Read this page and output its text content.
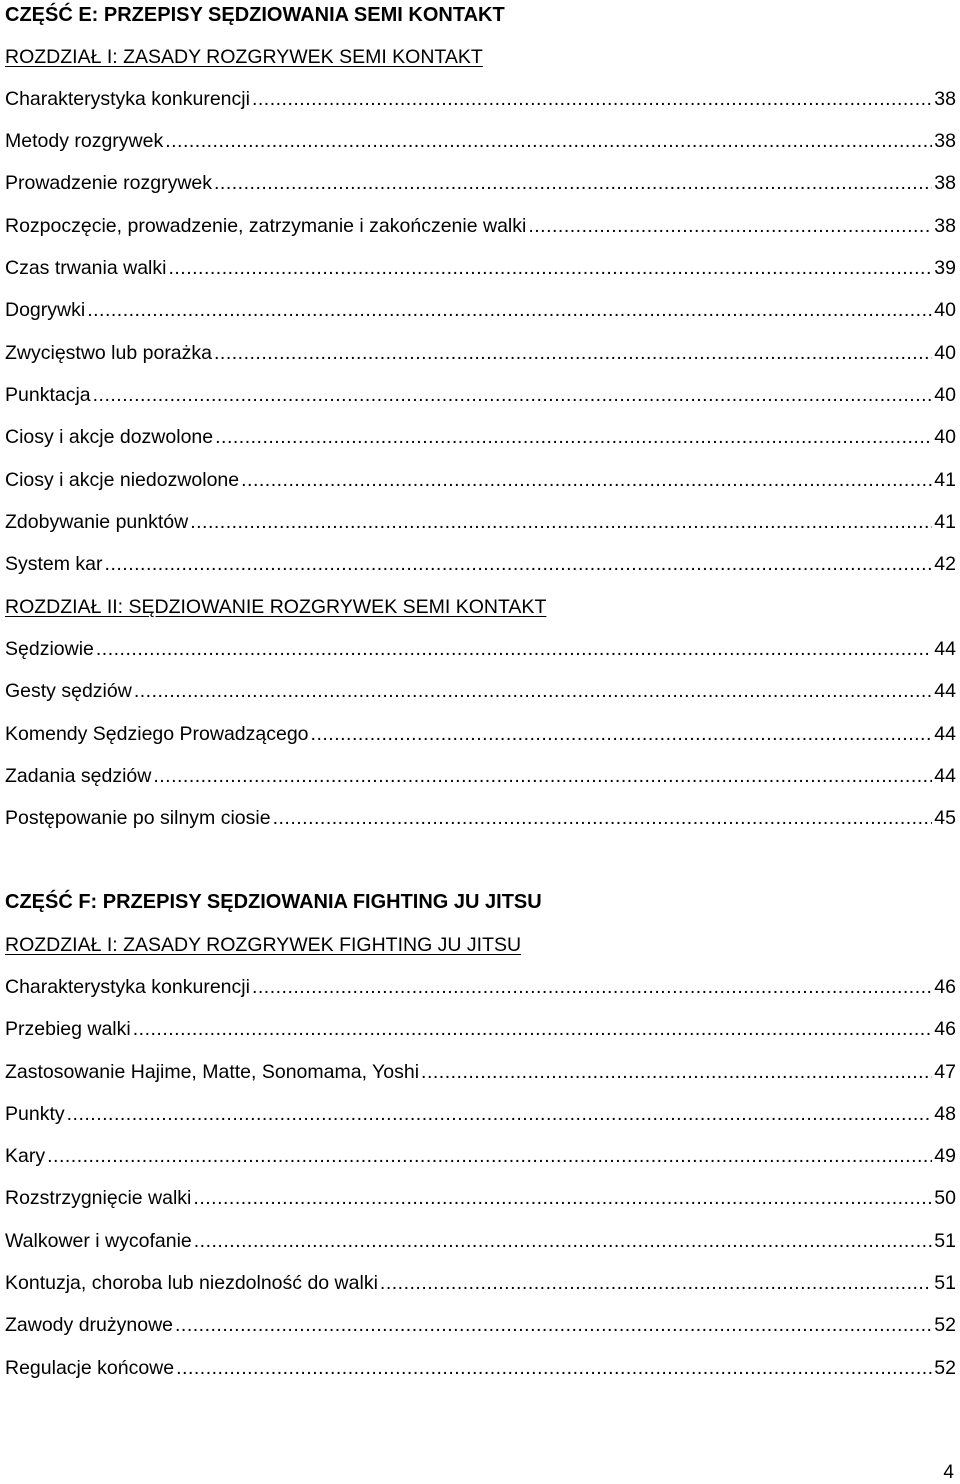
CZĘŚĆ E: PRZEPISY SĘDZIOWANIA SEMI KONTAKT
ROZDZIAŁ I: ZASADY ROZGRYWEK SEMI KONTAKT
Charakterystyka konkurencji .....	38
Metody rozgrywek .....	38
Prowadzenie rozgrywek .....	38
Rozpoczęcie, prowadzenie, zatrzymanie i zakończenie walki .....	38
Czas trwania walki .....	39
Dogrywki .....	40
Zwycięstwo lub porażka .....	40
Punktacja .....	40
Ciosy i akcje dozwolone .....	40
Ciosy i akcje niedozwolone .....	41
Zdobywanie punktów .....	41
System kar .....	42
ROZDZIAŁ II: SĘDZIOWANIE ROZGRYWEK SEMI KONTAKT
Sędziowie .....	44
Gesty sędziów .....	44
Komendy Sędziego Prowadzącego .....	44
Zadania sędziów .....	44
Postępowanie po silnym ciosie .....	45
CZĘŚĆ F: PRZEPISY SĘDZIOWANIA FIGHTING JU JITSU
ROZDZIAŁ I: ZASADY ROZGRYWEK FIGHTING JU JITSU
Charakterystyka konkurencji .....	46
Przebieg walki .....	46
Zastosowanie Hajime, Matte, Sonomama, Yoshi .....	47
Punkty .....	48
Kary .....	49
Rozstrzygnięcie walki .....	50
Walkower i wycofanie .....	51
Kontuzja, choroba lub niezdolność do walki .....	51
Zawody drużynowe .....	52
Regulacje końcowe .....	52
4
